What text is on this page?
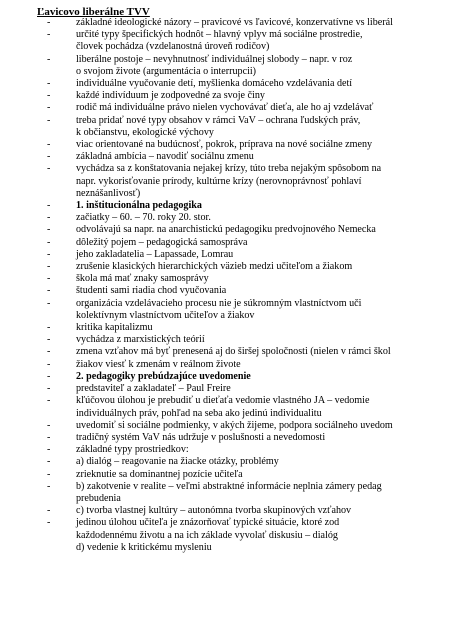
Ľavicovo liberálne TVV
-	základné ideologické názory – pravicové vs ľavicové, konzervatívne vs liberál
-	určité typy špecifických hodnôt – hlavný vplyv má sociálne prostredie,
človek pochádza (vzdelanostná úroveň rodičov)
-	liberálne postoje – nevyhnutnosť individuálnej slobody – napr. v roz
o svojom živote (argumentácia o interrupcii)
-	individuálne vyučovanie detí, myšlienka domáceho vzdelávania detí
-	každé indivíduum je zodpovedné za svoje činy
-	rodič má individuálne právo nielen vychovávať dieťa, ale ho aj vzdelávať
-	treba pridať nové typy obsahov v rámci VaV – ochrana ľudských práv,
k občianstvu, ekologické výchovy
-	viac orientované na budúcnosť, pokrok, príprava na nové sociálne zmeny
-	základná ambícia – navodiť sociálnu zmenu
-	vychádza sa z konštatovania nejakej krízy, túto treba nejakým spôsobom na
napr. vykorisťovanie prírody, kultúrne krízy (nerovnoprávnosť pohlaví
neznášanlivosť)
-	1. inštitucionálna pedagogika
-	začiatky – 60. – 70. roky 20. stor.
-	odvolávajú sa napr. na anarchistickú pedagogiku predvojnového Nemecka
-	dôležitý pojem – pedagogická samospráva
-	jeho zakladatelia – Lapassade, Lomrau
-	zrušenie klasických hierarchických väzieb medzi učiteľom a žiakom
-	škola má mať znaky samosprávy
-	študenti sami riadia chod vyučovania
-	organizácia vzdelávacieho procesu nie je súkromným vlastníctvom uči
kolektívnym vlastníctvom učiteľov a žiakov
-	kritika kapitalizmu
-	vychádza z marxistických teórií
-	zmena vzťahov má byť prenesená aj do širšej spoločnosti (nielen v rámci škol
-	žiakov viesť k zmenám v reálnom živote
-	2. pedagogiky prebúdzajúce uvedomenie
-	predstaviteľ a zakladateľ – Paul Freire
-	kľúčovou úlohou je prebudiť u dieťaťa vedomie vlastného JA – vedomie
individuálnych práv, pohľad na seba ako jedinú individualitu
-	uvedomiť si sociálne podmienky, v akých žijeme, podpora sociálneho uvedom
-	tradičný systém VaV nás udržuje v poslušnosti a nevedomosti
-	základné typy prostriedkov:
-	a) dialóg – reagovanie na žiacke otázky, problémy
-	zrieknutie sa dominantnej pozície učiteľa
-	b) zakotvenie v realite – veľmi abstraktné informácie neplnia zámery pedag
prebudenia
-	c) tvorba vlastnej kultúry – autonómna tvorba skupinových vzťahov
-	jedinou úlohou učiteľa je znázorňovať typické situácie, ktoré zod
každodennému životu a na ich základe vyvolať diskusiu – dialóg
d) vedenie k kritickému mysleniu
